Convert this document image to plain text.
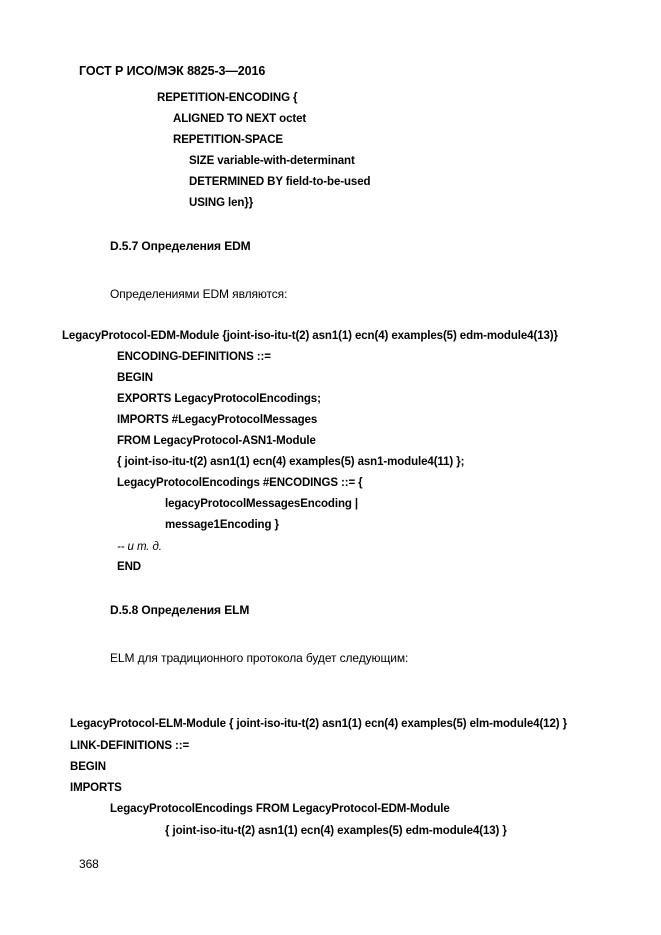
ГОСТ Р ИСО/МЭК 8825-3—2016
REPETITION-ENCODING {
ALIGNED TO NEXT octet
REPETITION-SPACE
SIZE variable-with-determinant
DETERMINED BY field-to-be-used
USING len}}
D.5.7 Определения EDM
Определениями EDM являются:
LegacyProtocol-EDM-Module {joint-iso-itu-t(2) asn1(1) ecn(4) examples(5) edm-module4(13)}
ENCODING-DEFINITIONS ::=
BEGIN
EXPORTS LegacyProtocolEncodings;
IMPORTS #LegacyProtocolMessages
FROM LegacyProtocol-ASN1-Module
{ joint-iso-itu-t(2) asn1(1) ecn(4) examples(5) asn1-module4(11) };
LegacyProtocolEncodings #ENCODINGS ::= {
legacyProtocolMessagesEncoding |
message1Encoding }
-- и т. д.
END
D.5.8 Определения ELM
ELM для традиционного протокола будет следующим:
LegacyProtocol-ELM-Module { joint-iso-itu-t(2) asn1(1) ecn(4) examples(5) elm-module4(12) }
LINK-DEFINITIONS ::=
BEGIN
IMPORTS
LegacyProtocolEncodings FROM LegacyProtocol-EDM-Module
{ joint-iso-itu-t(2) asn1(1) ecn(4) examples(5) edm-module4(13) }
368
